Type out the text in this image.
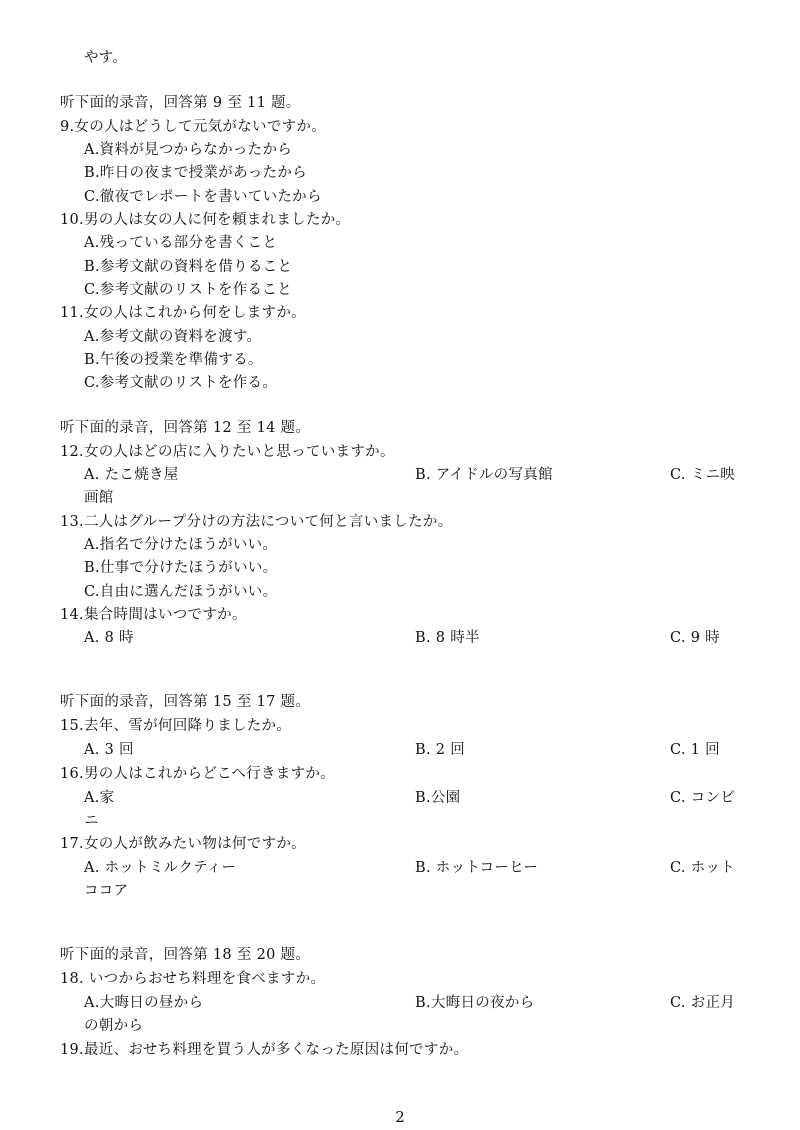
やす。
听下面的录音，回答第 9 至 11 题。
9.女の人はどうして元気がないですか。
A.資料が見つからなかったから
B.昨日の夜まで授業があったから
C.徹夜でレポートを書いていたから
10.男の人は女の人に何を頼まれましたか。
A.残っている部分を書くこと
B.参考文献の資料を借りること
C.参考文献のリストを作ること
11.女の人はこれから何をしますか。
A.参考文献の資料を渡す。
B.午後の授業を準備する。
C.参考文献のリストを作る。
听下面的录音，回答第 12 至 14 题。
12.女の人はどの店に入りたいと思っていますか。
A. たこ焼き屋	B. アイドルの写真館	C. ミニ映
画館
13.二人はグループ分けの方法について何と言いましたか。
A.指名で分けたほうがいい。
B.仕事で分けたほうがいい。
C.自由に選んだほうがいい。
14.集合時間はいつですか。
A. 8 時	B. 8 時半	C. 9 時
听下面的录音，回答第 15 至 17 题。
15.去年、雪が何回降りましたか。
A. 3 回	B. 2 回	C. 1 回
16.男の人はこれからどこへ行きますか。
A.家	B.公園	C. コンビ
ニ
17.女の人が飲みたい物は何ですか。
A. ホットミルクティー	B. ホットコーヒー	C. ホット
ココア
听下面的录音，回答第 18 至 20 题。
18. いつからおせち料理を食べますか。
A.大晦日の昼から	B.大晦日の夜から	C. お正月
の朝から
19.最近、おせち料理を買う人が多くなった原因は何ですか。
2
